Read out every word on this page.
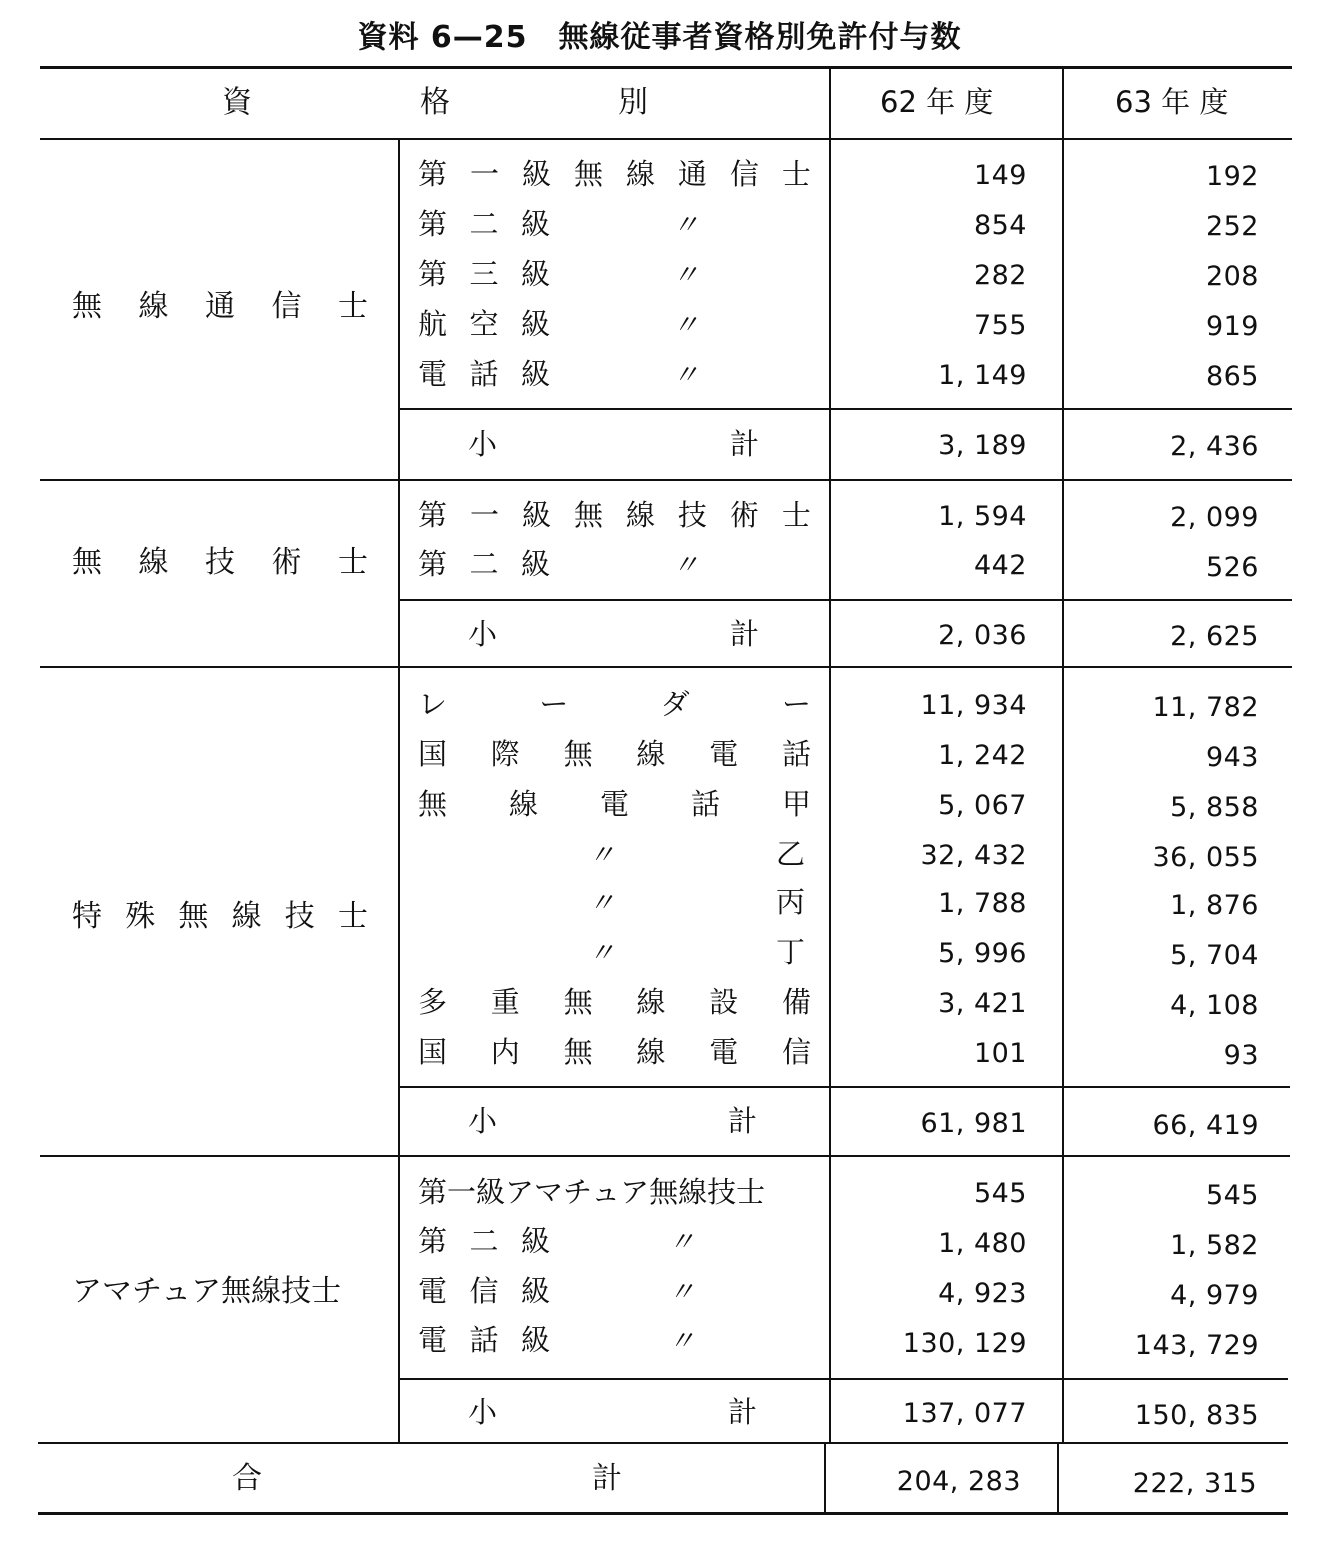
資料 6—25　無線従事者資格別免許付与数
資	格	別	62 年 度	63 年 度
無 線 通 信 士
第 一 級 無 線 通 信 士	149	192
第 二 級	〃	854	252
第 三 級	〃	282	208
航 空 級	〃	755	919
電 話 級	〃	1, 149	865
小	計	3, 189	2, 436
無 線 技 術 士
第 一 級 無 線 技 術 士	1, 594	2, 099
第 二 級	〃	442	526
小	計	2, 036	2, 625
特 殊 無 線 技 士
レ	ー	ダ	ー	11, 934	11, 782
国 際 無 線 電 話	1, 242	943
無 線 電 話 甲	5, 067	5, 858
〃	乙	32, 432	36, 055
〃	丙	1, 788	1, 876
〃	丁	5, 996	5, 704
多 重 無 線 設 備	3, 421	4, 108
国 内 無 線 電 信	101	93
小	計	61, 981	66, 419
アマチュア無線技士
第一級アマチュア無線技士	545	545
第 二 級	〃	1, 480	1, 582
電 信 級	〃	4, 923	4, 979
電 話 級	〃	130, 129	143, 729
小	計	137, 077	150, 835
合	計	204, 283	222, 315
